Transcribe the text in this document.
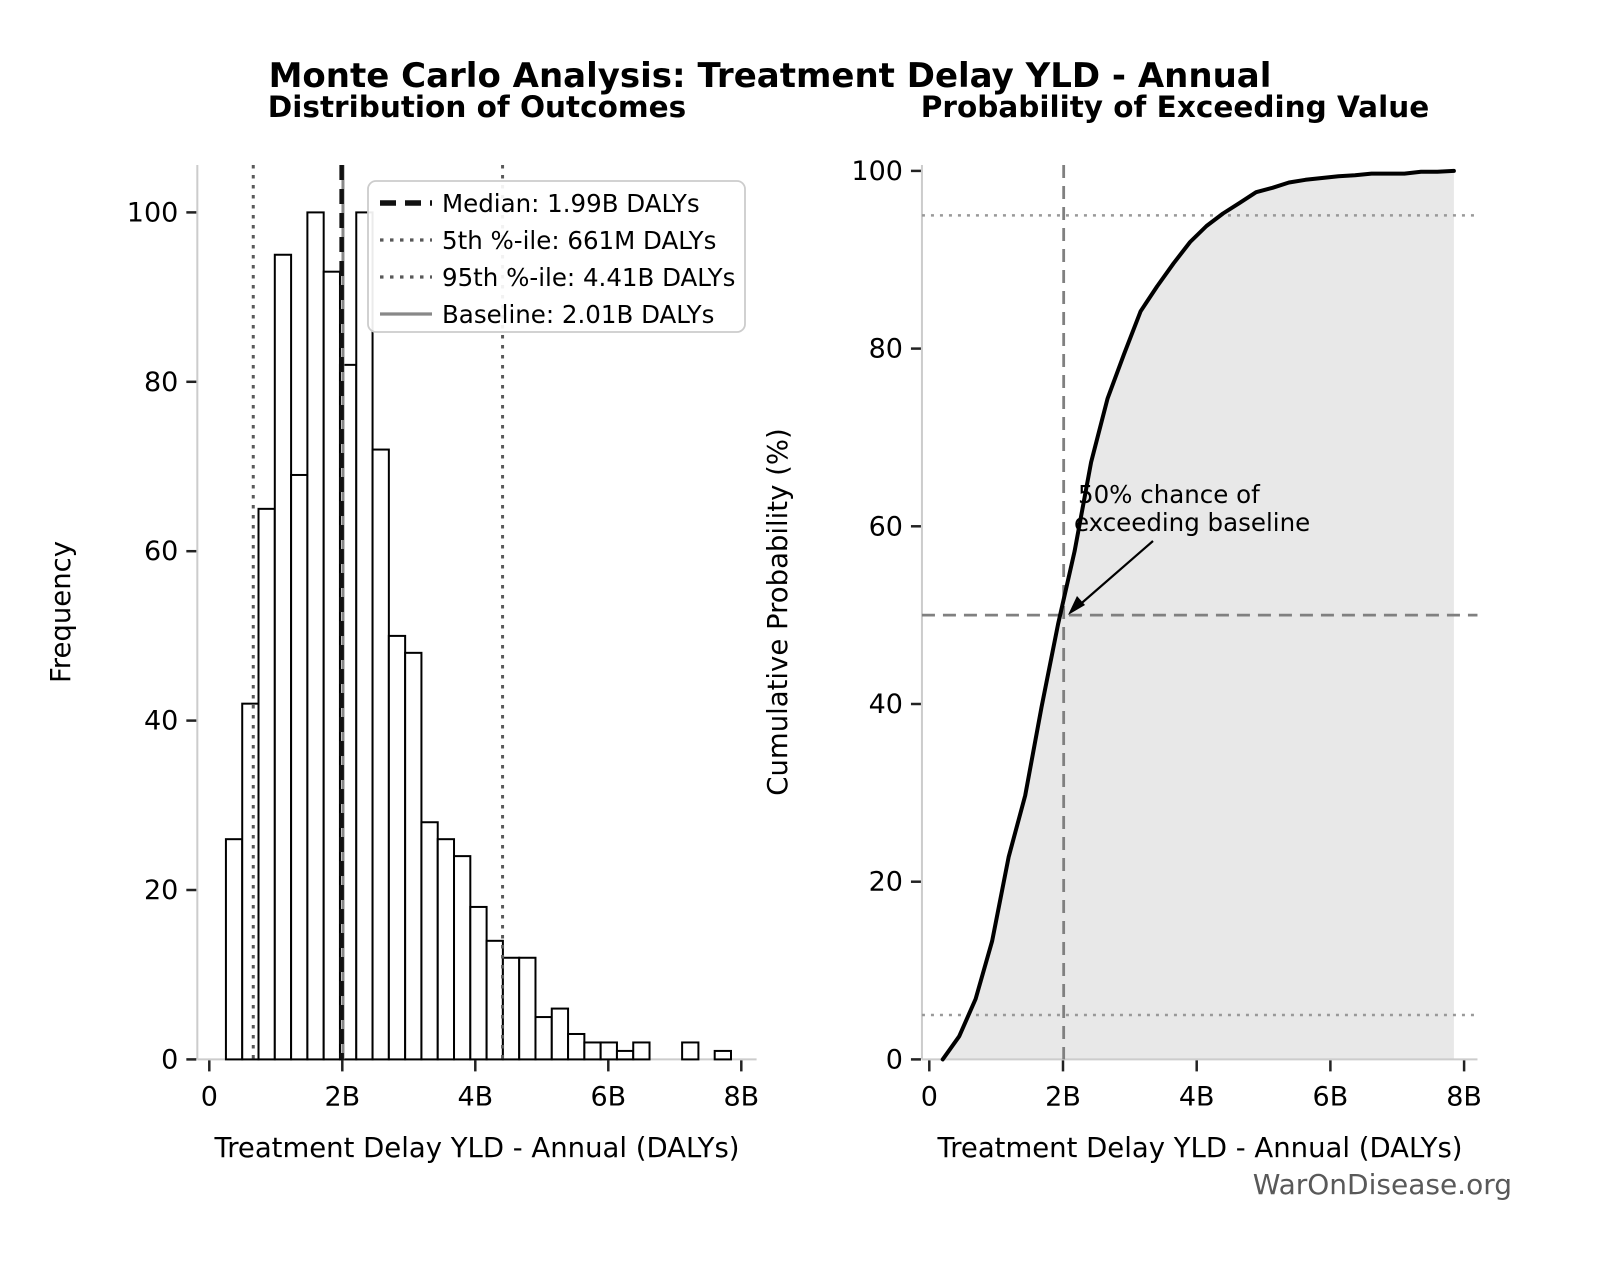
Monte Carlo Analysis: Treatment Delay YLD - Annual
Distribution of Outcomes	Probability of Exceeding Value
Treatment Delay YLD - Annual (DALYs)	Treatment Delay YLD - Annual (DALYs)
Frequency	Cumulative Probability (%)
0	2B	4B	6B	8B
0
20
40
60
80
100	Median: 1.99B DALYs
5th %-ile: 661M DALYs
95th %-ile: 4.41B DALYs
Baseline: 2.01B DALYs
0	2B	4B	6B	8B
0
20
40
60
80
100
50% chance of
exceeding baseline
WarOnDisease.org
